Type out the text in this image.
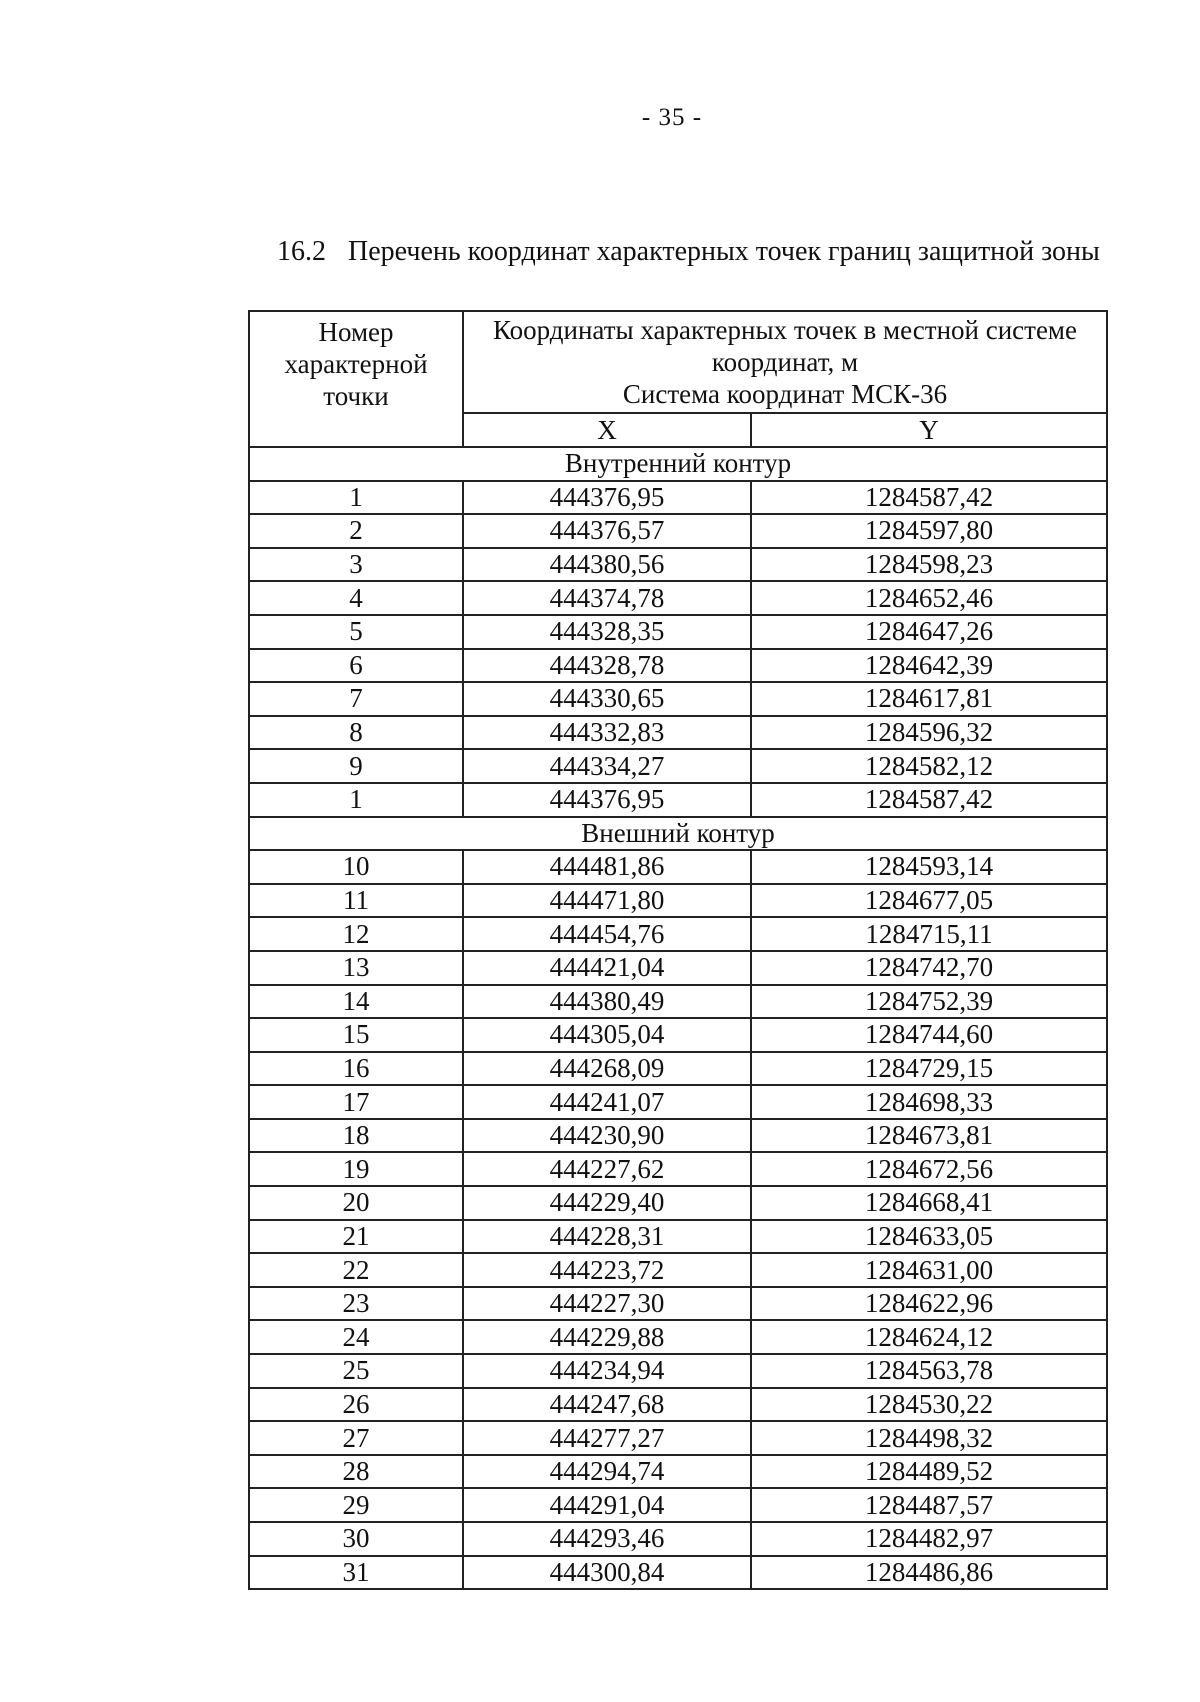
- 35 -
16.2 Перечень координат характерных точек границ защитной зоны
Номер
характерной
точки	Координаты характерных точек в местной системе
координат, м
Система координат МСК-36	

	X	Y
Внутренний контур		
1	444376,95	1284587,42
2	444376,57	1284597,80
3	444380,56	1284598,23
4	444374,78	1284652,46
5	444328,35	1284647,26
6	444328,78	1284642,39
7	444330,65	1284617,81
8	444332,83	1284596,32
9	444334,27	1284582,12
1	444376,95	1284587,42
Внешний контур		
10	444481,86	1284593,14
11	444471,80	1284677,05
12	444454,76	1284715,11
13	444421,04	1284742,70
14	444380,49	1284752,39
15	444305,04	1284744,60
16	444268,09	1284729,15
17	444241,07	1284698,33
18	444230,90	1284673,81
19	444227,62	1284672,56
20	444229,40	1284668,41
21	444228,31	1284633,05
22	444223,72	1284631,00
23	444227,30	1284622,96
24	444229,88	1284624,12
25	444234,94	1284563,78
26	444247,68	1284530,22
27	444277,27	1284498,32
28	444294,74	1284489,52
29	444291,04	1284487,57
30	444293,46	1284482,97
31	444300,84	1284486,86
